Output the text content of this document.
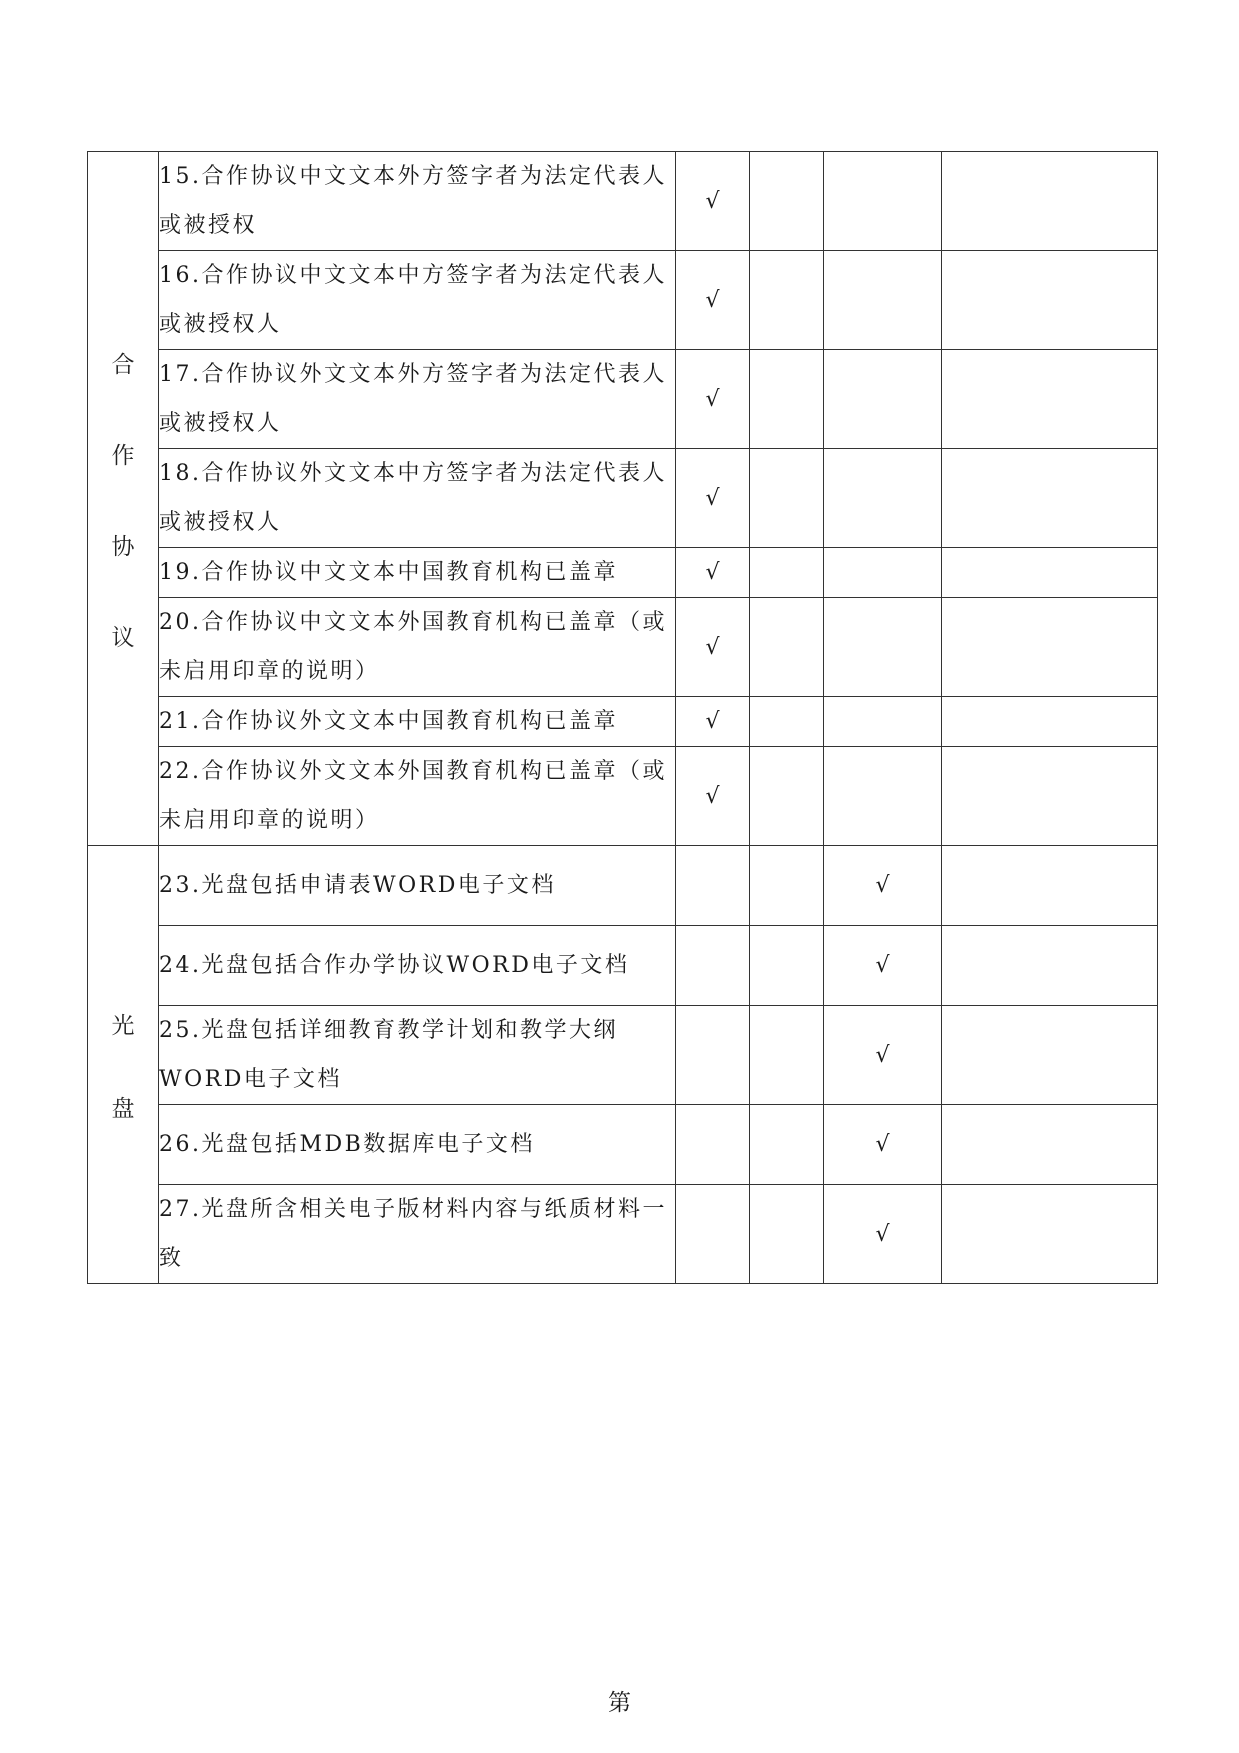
合
作
协
议	15.合作协议中文文本外方签字者为法定代表人或被授权	√			
	16.合作协议中文文本中方签字者为法定代表人或被授权人	√			
	17.合作协议外文文本外方签字者为法定代表人或被授权人	√			
	18.合作协议外文文本中方签字者为法定代表人或被授权人	√			
	19.合作协议中文文本中国教育机构已盖章	√			
	20.合作协议中文文本外国教育机构已盖章（或未启用印章的说明）	√			
	21.合作协议外文文本中国教育机构已盖章	√			
	22.合作协议外文文本外国教育机构已盖章（或未启用印章的说明）	√			

光
盘	23.光盘包括申请表WORD电子文档			√	
	24.光盘包括合作办学协议WORD电子文档			√	
	25.光盘包括详细教育教学计划和教学大纲WORD电子文档			√	
	26.光盘包括MDB数据库电子文档			√	
	27.光盘所含相关电子版材料内容与纸质材料一致			√	
第
